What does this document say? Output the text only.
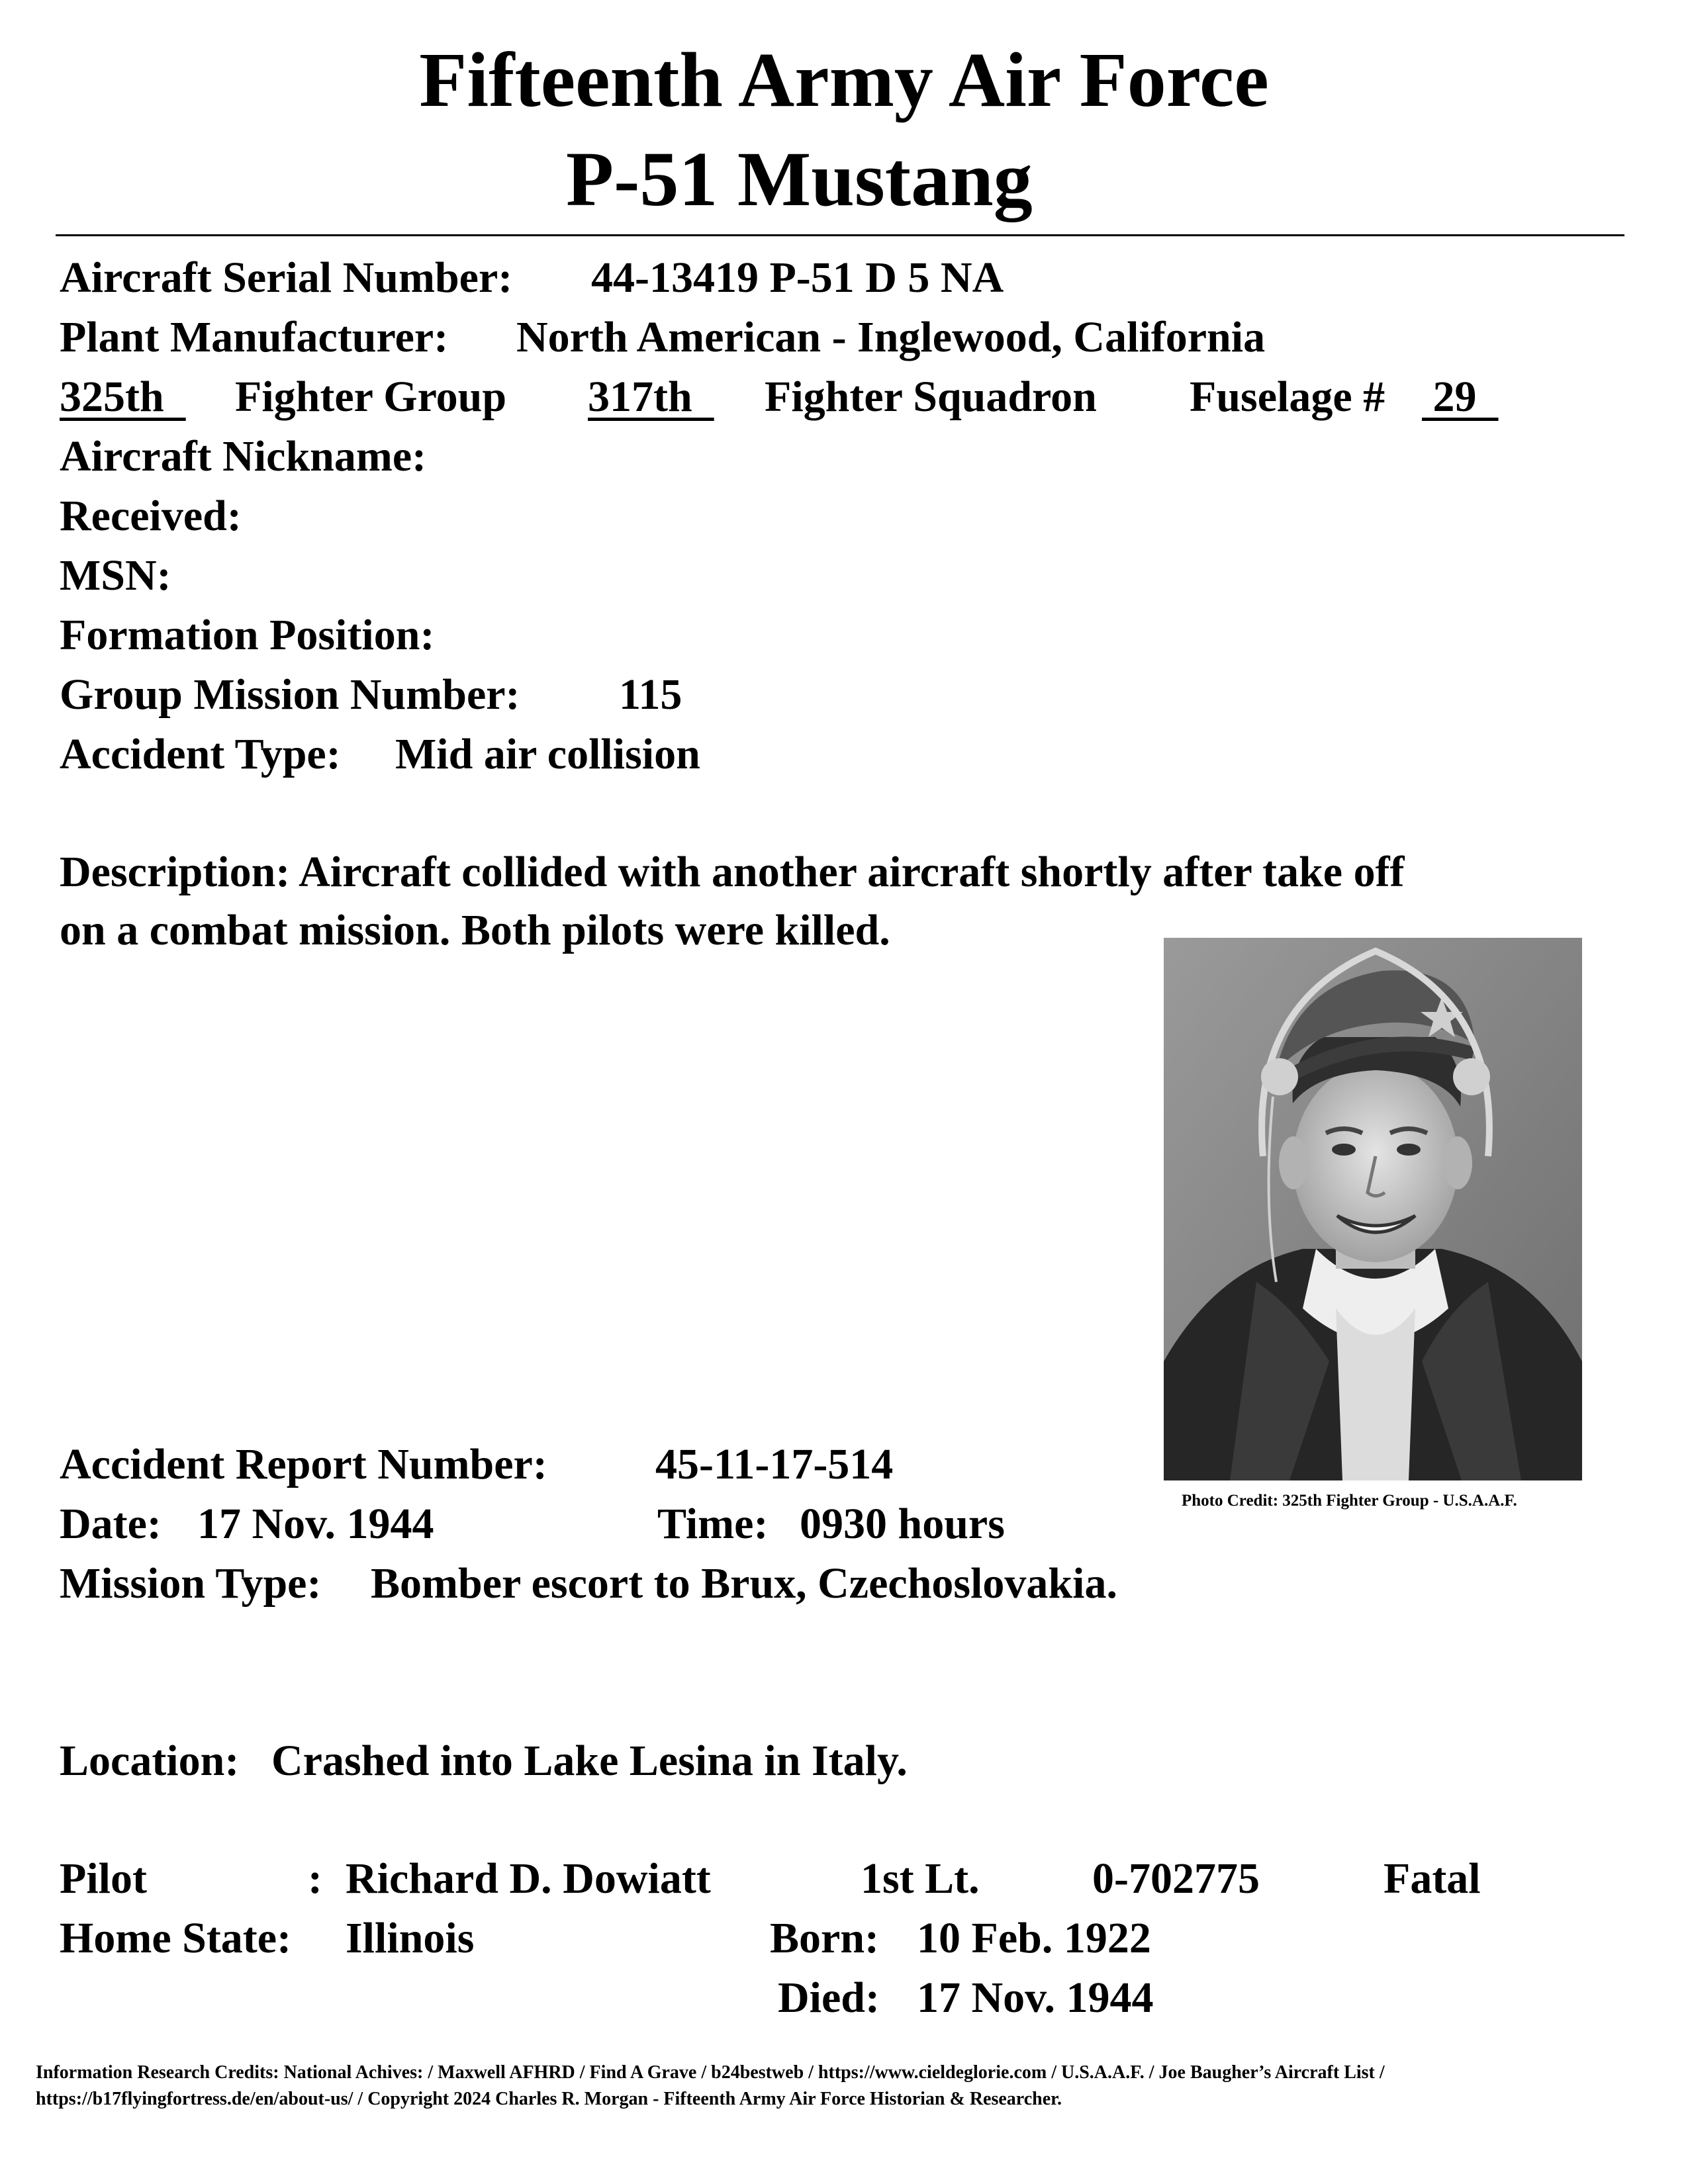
Fifteenth Army Air Force
P-51 Mustang
Aircraft Serial Number: 44-13419 P-51 D 5 NA
Plant Manufacturer: North American - Inglewood, California
325th Fighter Group 317th Fighter Squadron Fuselage # 29
Aircraft Nickname:
Received:
MSN:
Formation Position:
Group Mission Number: 115
Accident Type: Mid air collision
Description: Aircraft collided with another aircraft shortly after take off
on a combat mission. Both pilots were killed.
Photo Credit: 325th Fighter Group - U.S.A.A.F.
Accident Report Number: 45-11-17-514
Date: 17 Nov. 1944	Time: 0930 hours
Mission Type: Bomber escort to Brux, Czechoslovakia.
Location: Crashed into Lake Lesina in Italy.
Pilot	: Richard D. Dowiatt	1st Lt.	0-702775	Fatal
Home State: Illinois	Born: 10 Feb. 1922
Died: 17 Nov. 1944
Information Research Credits: National Achives: / Maxwell AFHRD / Find A Grave / b24bestweb / https://www.cieldeglorie.com / U.S.A.A.F. / Joe Baugher’s Aircraft List /
https://b17flyingfortress.de/en/about-us/ / Copyright 2024 Charles R. Morgan - Fifteenth Army Air Force Historian & Researcher.
